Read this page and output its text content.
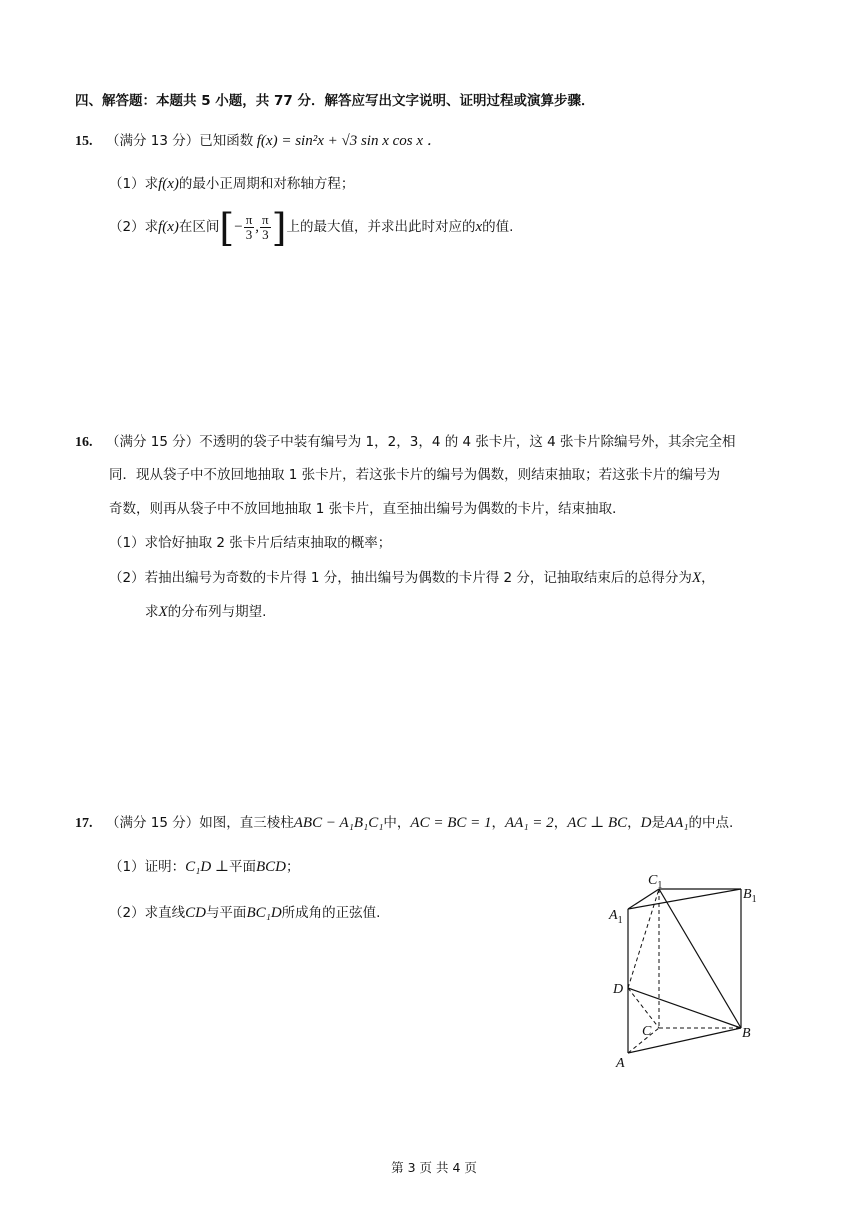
四、解答题：本题共 5 小题，共 77 分．解答应写出文字说明、证明过程或演算步骤．
15. （满分 13 分）已知函数 f(x) = sin²x + √3 sin x cos x ．
（1）求f(x)的最小正周期和对称轴方程；
（2）求f(x)在区间[− $\frac{\pi}{3}$ , $\frac{\pi}{3}$ ]上的最大值，并求出此时对应的x的值.
16. （满分 15 分）不透明的袋子中装有编号为 1，2，3，4 的 4 张卡片，这 4 张卡片除编号外，其余完全相
同．现从袋子中不放回地抽取 1 张卡片，若这张卡片的编号为偶数，则结束抽取；若这张卡片的编号为
奇数，则再从袋子中不放回地抽取 1 张卡片，直至抽出编号为偶数的卡片，结束抽取．
（1）求恰好抽取 2 张卡片后结束抽取的概率；
（2）若抽出编号为奇数的卡片得 1 分，抽出编号为偶数的卡片得 2 分，记抽取结束后的总得分为X，
求X的分布列与期望.
17. （满分 15 分）如图，直三棱柱ABC − A₁B₁C₁中，AC = BC = 1，AA₁ = 2，AC ⊥ BC，D是AA₁的中点.
（1）证明：C₁D ⊥平面BCD；
（2）求直线CD与平面BC₁D所成角的正弦值.
$C_1$
$B_1$
$A_1$
D
C	B
A
第 3 页 共 4 页
